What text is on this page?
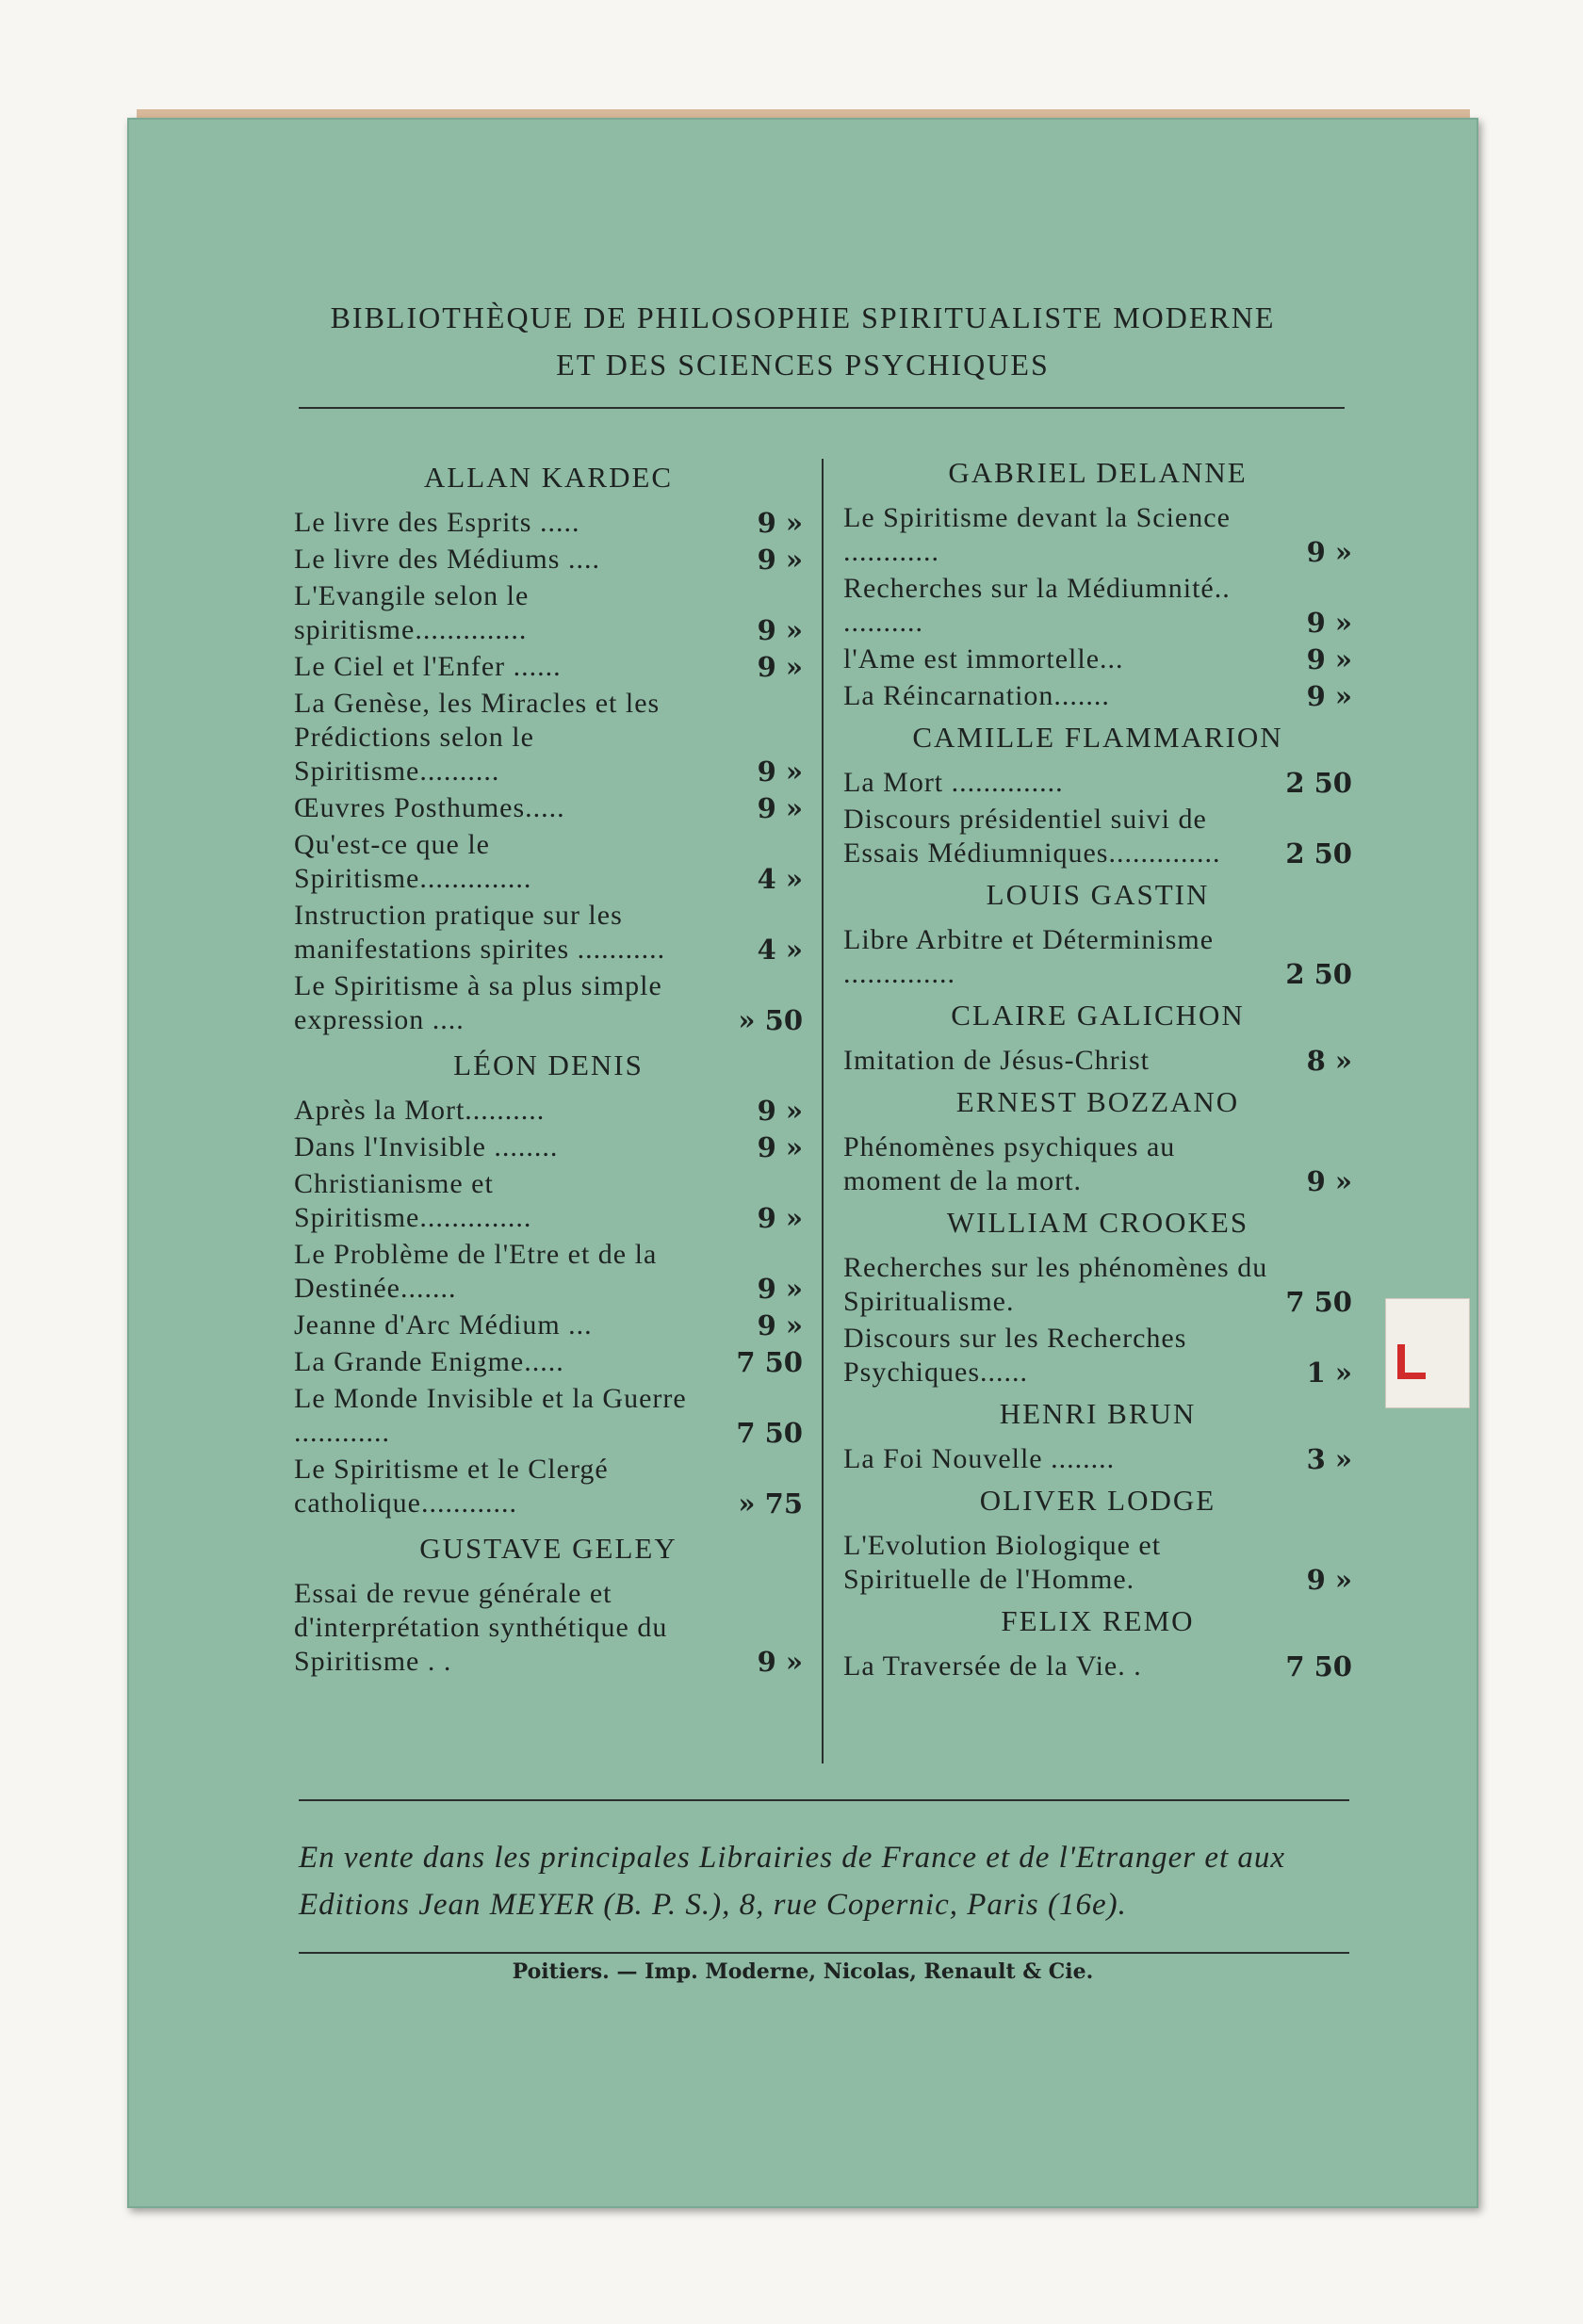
BIBLIOTHÈQUE DE PHILOSOPHIE SPIRITUALISTE MODERNE
ET DES SCIENCES PSYCHIQUES
ALLAN KARDEC
Le livre des Esprits .....	9 »
Le livre des Médiums ....	9 »
L'Evangile selon le spiritisme..............	9 »
Le Ciel et l'Enfer ......	9 »
La Genèse, les Miracles et les Prédictions selon le Spiritisme..........	9 »
Œuvres Posthumes.....	9 »
Qu'est-ce que le Spiritisme..............	4 »
Instruction pratique sur les manifestations spirites ...........	4 »
Le Spiritisme à sa plus simple expression ....	» 50
LÉON DENIS
Après la Mort..........	9 »
Dans l'Invisible ........	9 »
Christianisme et Spiritisme..............	9 »
Le Problème de l'Etre et de la Destinée.......	9 »
Jeanne d'Arc Médium ...	9 »
La Grande Enigme.....	7 50
Le Monde Invisible et la Guerre ............	7 50
Le Spiritisme et le Clergé catholique............	» 75
GUSTAVE GELEY
Essai de revue générale et d'interprétation synthétique du Spiritisme . .	9 »
GABRIEL DELANNE
Le Spiritisme devant la Science ............	9 »
Recherches sur la Médiumnité.. ..........	9 »
l'Ame est immortelle...	9 »
La Réincarnation.......	9 »
CAMILLE FLAMMARION
La Mort ..............	2 50
Discours présidentiel suivi de Essais Médiumniques..............	2 50
LOUIS GASTIN
Libre Arbitre et Déterminisme ..............	2 50
CLAIRE GALICHON
Imitation de Jésus-Christ	8 »
ERNEST BOZZANO
Phénomènes psychiques au moment de la mort.	9 »
WILLIAM CROOKES
Recherches sur les phénomènes du Spiritualisme.	7 50
Discours sur les Recherches Psychiques......	1 »
HENRI BRUN
La Foi Nouvelle ........	3 »
OLIVER LODGE
L'Evolution Biologique et Spirituelle de l'Homme.	9 »
FELIX REMO
La Traversée de la Vie. .	7 50
En vente dans les principales Librairies de France et de l'Etranger et aux Editions Jean MEYER (B. P. S.), 8, rue Copernic, Paris (16e).
Poitiers. — Imp. Moderne, Nicolas, Renault & Cie.
